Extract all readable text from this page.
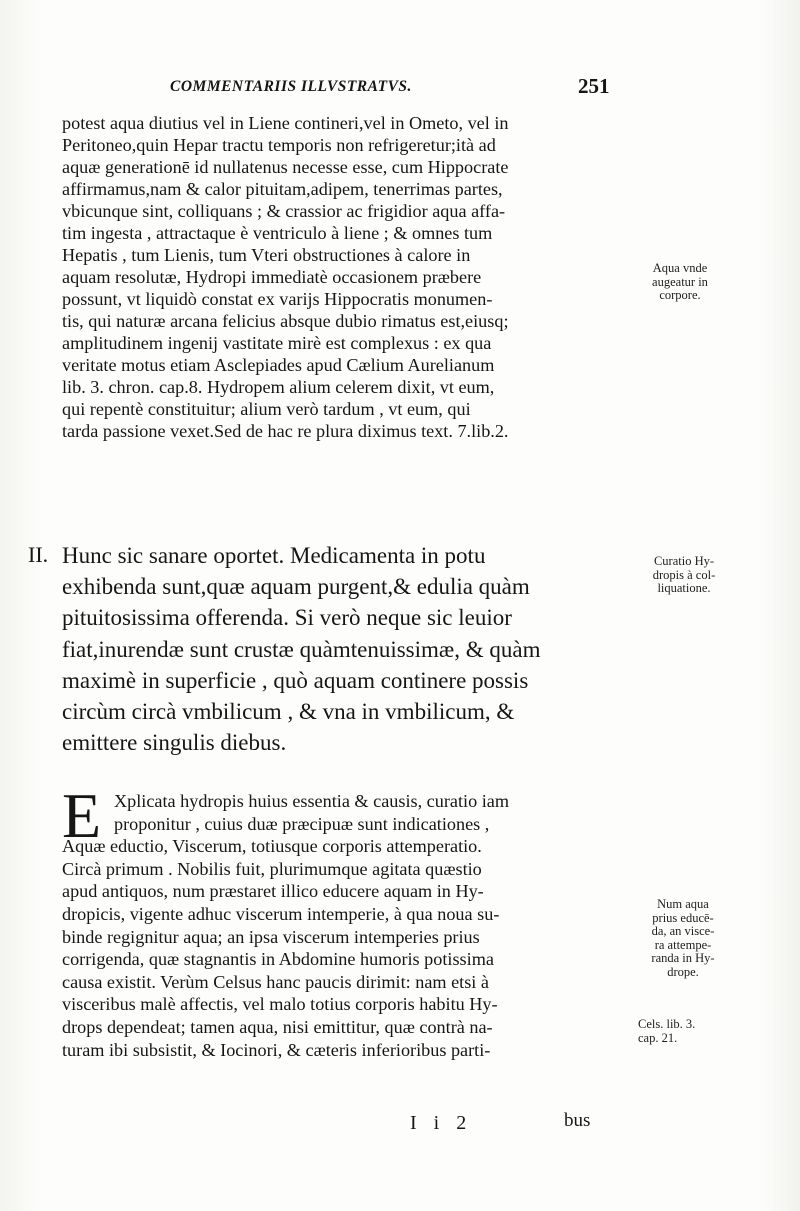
COMMENTARIIS ILLVSTRATVS.	251
potest aqua diutius vel in Liene contineri,vel in Ometo, vel in
Peritoneo,quin Hepar tractu temporis non refrigeretur;ità ad
aquæ generationē id nullatenus necesse esse, cum Hippocrate
affirmamus,nam & calor pituitam,adipem, tenerrimas partes,
vbicunque sint, colliquans ; & crassior ac frigidior aqua affa-
tim ingesta , attractaque è ventriculo à liene ; & omnes tum
Hepatis , tum Lienis, tum Vteri obstructiones à calore in
aquam resolutæ, Hydropi immediatè occasionem præbere
possunt, vt liquidò constat ex varijs Hippocratis monumen-
tis, qui naturæ arcana felicius absque dubio rimatus est,eiusq;
amplitudinem ingenij vastitate mirè est complexus : ex qua
veritate motus etiam Asclepiades apud Cælium Aurelianum
lib. 3. chron. cap.8. Hydropem alium celerem dixit, vt eum,
qui repentè constituitur; alium verò tardum , vt eum, qui
tarda passione vexet.Sed de hac re plura diximus text. 7.lib.2.
Aqua vnde
augeatur in
corpore.
II. Hunc sic sanare oportet. Medicamenta in potu
exhibenda sunt,quæ aquam purgent,& edulia quàm
pituitosissima offerenda. Si verò neque sic leuior
fiat,inurendæ sunt crustæ quàmtenuissimæ, & quàm
maximè in superficie , quò aquam continere possis
circùm circà vmbilicum , & vna in vmbilicum, &
emittere singulis diebus.
Curatio Hy-
dropis à col-
liquatione.
E Xplicata hydropis huius essentia & causis, curatio iam
proponitur , cuius duæ præcipuæ sunt indicationes ,
Aquæ eductio, Viscerum, totiusque corporis attemperatio.
Circà primum . Nobilis fuit, plurimumque agitata quæstio
apud antiquos, num præstaret illico educere aquam in Hy-
dropicis, vigente adhuc viscerum intemperie, à qua noua su-
binde regignitur aqua; an ipsa viscerum intemperies prius
corrigenda, quæ stagnantis in Abdomine humoris potissima
causa existit. Verùm Celsus hanc paucis dirimit: nam etsi à
visceribus malè affectis, vel malo totius corporis habitu Hy-
drops dependeat; tamen aqua, nisi emittitur, quæ contrà na-
turam ibi subsistit, & Iocinori, & cæteris inferioribus parti-
Num aqua
prius educē-
da, an visce-
ra attempe-
randa in Hy-
drope.
Cels. lib. 3.
cap. 21.
I i 2	bus
